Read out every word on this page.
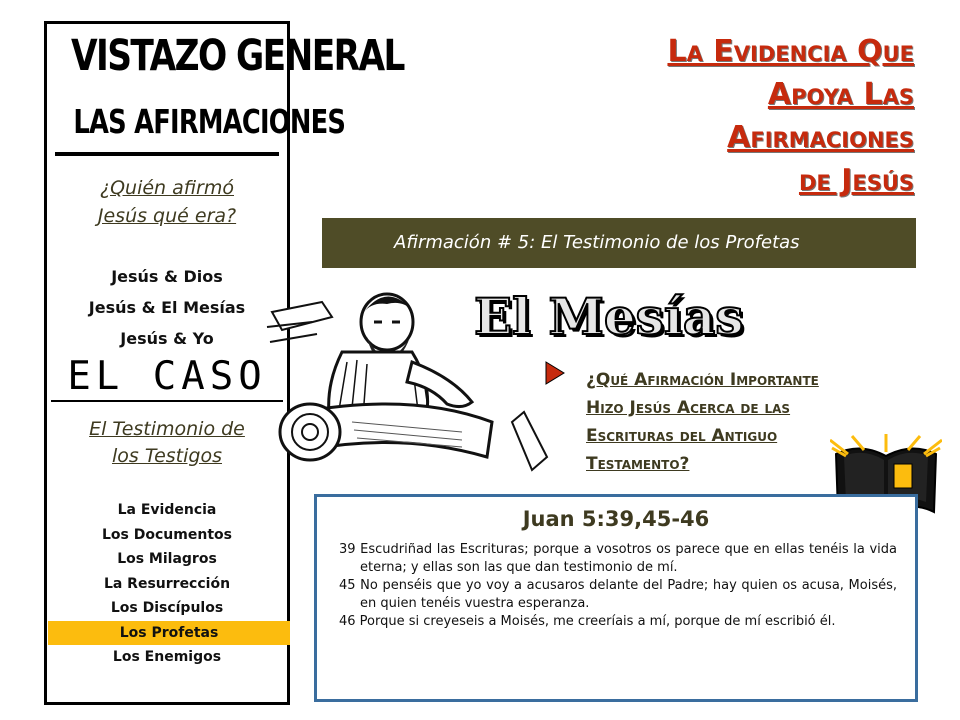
VISTAZO GENERAL
LAS AFIRMACIONES
¿Quién afirmó
Jesús qué era?
Jesús & Dios
Jesús & El Mesías
Jesús & Yo
EL CASO
El Testimonio de
los Testigos
La Evidencia
Los Documentos
Los Milagros
La Resurrección
Los Discípulos
Los Profetas
Los Enemigos
La Evidencia Que
Apoya Las
Afirmaciones
de Jesús
Afirmación # 5: El Testimonio de los Profetas
El Mesías
¿Qué Afirmación Importante
Hizo Jesús Acerca de las
Escrituras del Antiguo
Testamento?
Juan 5:39,45-46
39 Escudriñad las Escrituras; porque a vosotros os parece que en ellas tenéis la vida eterna; y ellas son las que dan testimonio de mí.
45 No penséis que yo voy a acusaros delante del Padre; hay quien os acusa, Moisés, en quien tenéis vuestra esperanza.
46 Porque si creyeseis a Moisés, me creeríais a mí, porque de mí escribió él.
